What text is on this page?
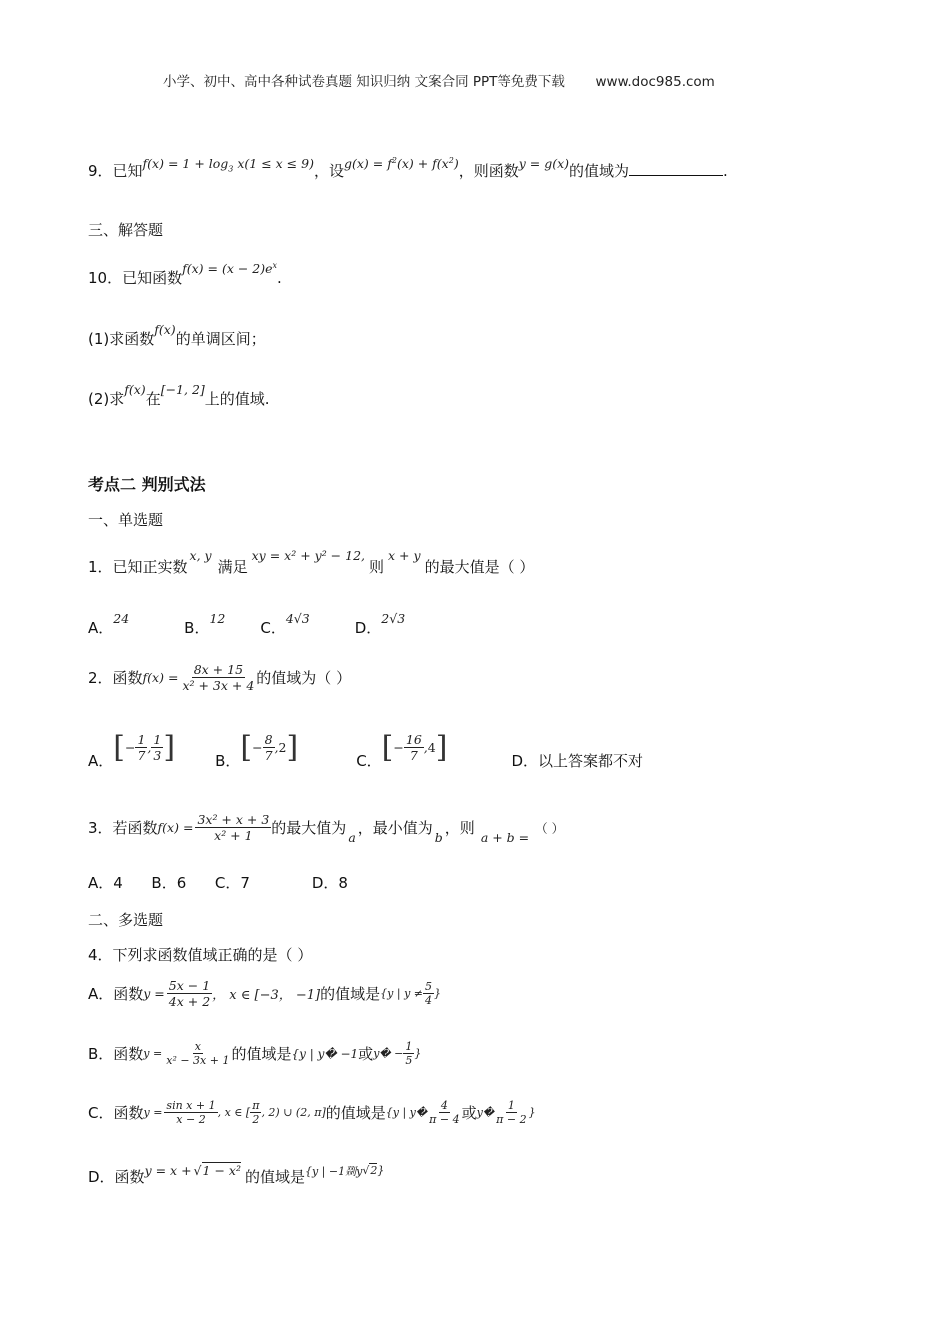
小学、初中、高中各种试卷真题 知识归纳 文案合同 PPT等免费下载 www.doc985.com
9．已知$^{f(x) = 1 + log_3 x(1 \le x \le 9)}$，设$^{g(x) = f^2(x) + f(x^2)}$，则函数$^{y = g(x)}$的值域为	.
三、解答题
10．已知函数$^{f(x) = (x - 2)e^x}$.
(1)求函数$^{f(x)}$的单调区间；
(2)求$^{f(x)}$在[−1, 2]上的值域.
考点二 判别式法
一、单选题
1．已知正实数$^{x, y}$满足$^{xy = x^2 + y^2 - 12,}$则$^{x + y}$的最大值是（ ）
A．$^{24}$B．$^{12}$C．$^{4√3}$D．$^{2√3}$
2．函数 $f(x) = \frac{8x + 15}{\text{x² + 3x + 4}}$ 的值域为（ ）
A． [ − $\frac{1}{7}$ , $\frac{1}{3}$ ]	B． [ − $\frac{8}{7}$ , 2 ]	C． [ − $\frac{16}{7}$ , 4 ]	D．以上答案都不对
3．若函数 $f(x) = \frac{\text{3x² + x + 3}}{\text{x² + 1}}$ 的最大值为
a
，最小值为
b
，则
a + b =
（ ）
A．4      B．6      C．7             D．8
二、多选题
4．下列求函数值域正确的是（ ）
A．函数 $y = \frac{5x - 1}{4x + 2}$ ， x ∈ [−3， −1] 的值域是 {y | $y \ne \frac{5}{4}$ }
B．函数 $y = \frac{x}{\text{x² − 3x + 1}}$ 的值域是 {y | y� −1 或 y� − $\frac{1}{5}$ }
C．函数 $y = \frac{\text{sin x + 1}}{x - 2}$ , x ∈ [ $\frac{\pi}{2}$ , 2) ∪ (2, π] 的值域是 {y | y� $\frac{4}{\pi - 4}$ 或 y� $\frac{1}{\pi - 2}$ }
D．函数 y = x + √1 − x² 的值域是 {y | −1剟y √2 }
